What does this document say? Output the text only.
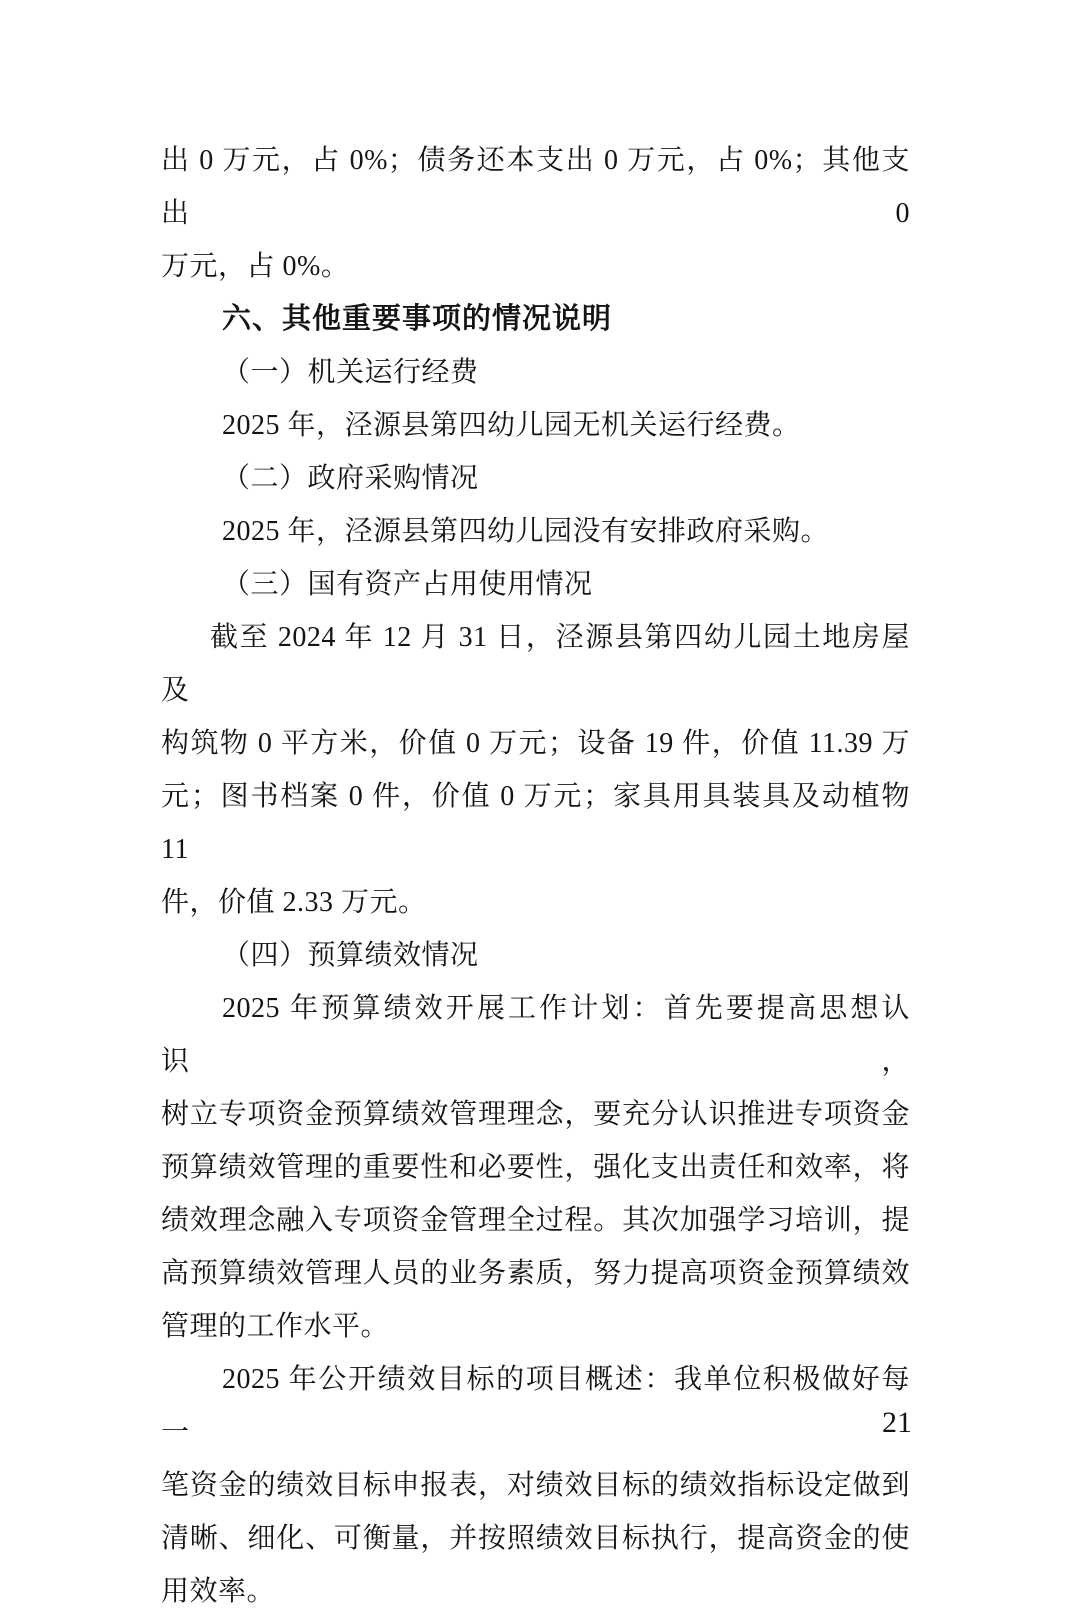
出 0 万元，占 0%；债务还本支出 0 万元，占 0%；其他支出 0
万元，占 0%。
六、其他重要事项的情况说明
（一）机关运行经费
2025 年，泾源县第四幼儿园无机关运行经费。
（二）政府采购情况
2025 年，泾源县第四幼儿园没有安排政府采购。
（三）国有资产占用使用情况
截至 2024 年 12 月 31 日，泾源县第四幼儿园土地房屋及
构筑物 0 平方米，价值 0 万元；设备 19 件，价值 11.39 万
元；图书档案 0 件，价值 0 万元；家具用具装具及动植物 11
件，价值 2.33 万元。
（四）预算绩效情况
2025 年预算绩效开展工作计划：首先要提高思想认识，
树立专项资金预算绩效管理理念，要充分认识推进专项资金
预算绩效管理的重要性和必要性，强化支出责任和效率，将
绩效理念融入专项资金管理全过程。其次加强学习培训，提
高预算绩效管理人员的业务素质，努力提高项资金预算绩效
管理的工作水平。
2025 年公开绩效目标的项目概述：我单位积极做好每一
笔资金的绩效目标申报表，对绩效目标的绩效指标设定做到
清晰、细化、可衡量，并按照绩效目标执行，提高资金的使
用效率。
21
